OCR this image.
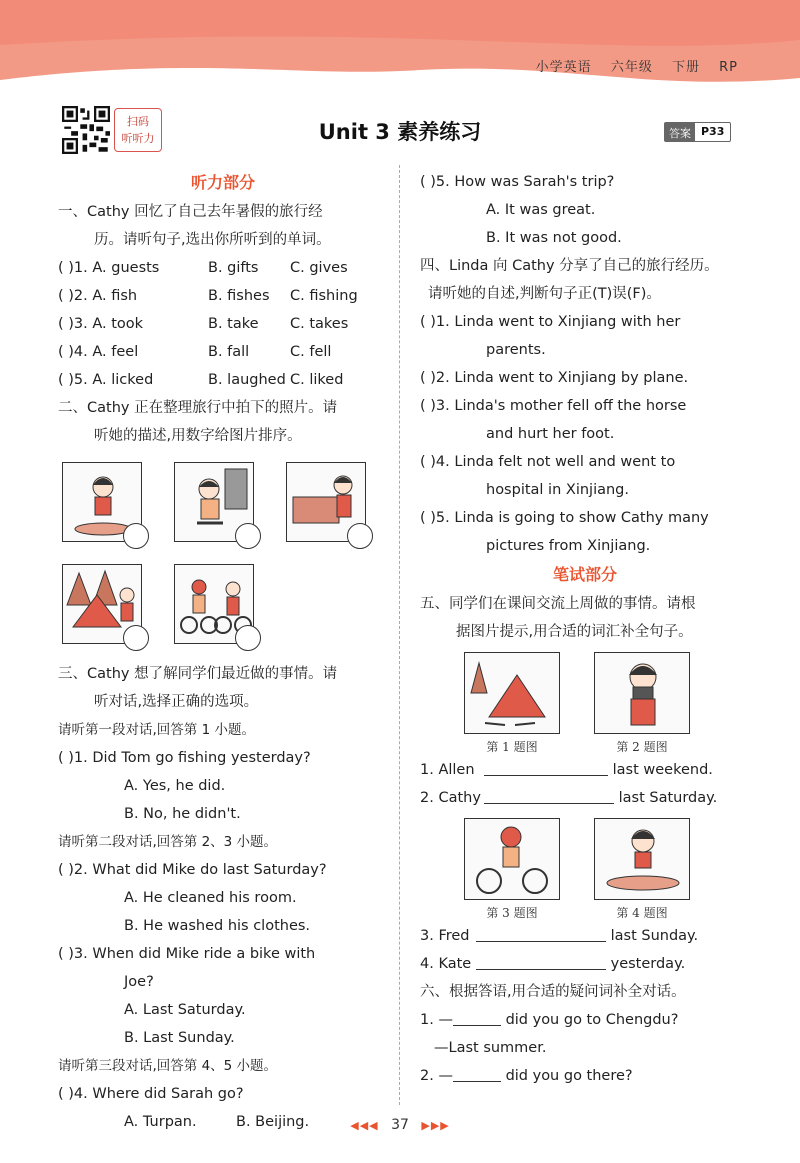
小学英语 六年级 下册 RP
扫码
听听力	Unit 3 素养练习	答案 P33
听力部分
一、Cathy 回忆了自己去年暑假的旅行经
历。请听句子,选出你所听到的单词。
( )1. A. guests	B. gifts C. gives
( )2. A. fish	B. fishes C. fishing
( )3. A. took	B. take C. takes
( )4. A. feel	B. fall	C. fell
( )5. A. licked	B. laughed C. liked
二、Cathy 正在整理旅行中拍下的照片。请
听她的描述,用数字给图片排序。
三、Cathy 想了解同学们最近做的事情。请
听对话,选择正确的选项。
请听第一段对话,回答第 1 小题。
( )1. Did Tom go fishing yesterday?
A. Yes, he did.
B. No, he didn't.
请听第二段对话,回答第 2、3 小题。
( )2. What did Mike do last Saturday?
A. He cleaned his room.
B. He washed his clothes.
( )3. When did Mike ride a bike with
Joe?
A. Last Saturday.
B. Last Sunday.
请听第三段对话,回答第 4、5 小题。
( )4. Where did Sarah go?
A. Turpan.	B. Beijing.
( )5. How was Sarah's trip?
A. It was great.
B. It was not good.
四、Linda 向 Cathy 分享了自己的旅行经历。
请听她的自述,判断句子正(T)误(F)。
( )1. Linda went to Xinjiang with her
parents.
( )2. Linda went to Xinjiang by plane.
( )3. Linda's mother fell off the horse
and hurt her foot.
( )4. Linda felt not well and went to
hospital in Xinjiang.
( )5. Linda is going to show Cathy many
pictures from Xinjiang.
笔试部分
五、同学们在课间交流上周做的事情。请根
据图片提示,用合适的词汇补全句子。
第 1 题图	第 2 题图
1. Allen	last weekend.
2. Cathy	last Saturday.
第 3 题图	第 4 题图
3. Fred	last Sunday.
4. Kate	yesterday.
六、根据答语,用合适的疑问词补全对话。
1. —	did you go to Chengdu?
—Last summer.
2. —	did you go there?
◀◀◀ 37 ▶▶▶
